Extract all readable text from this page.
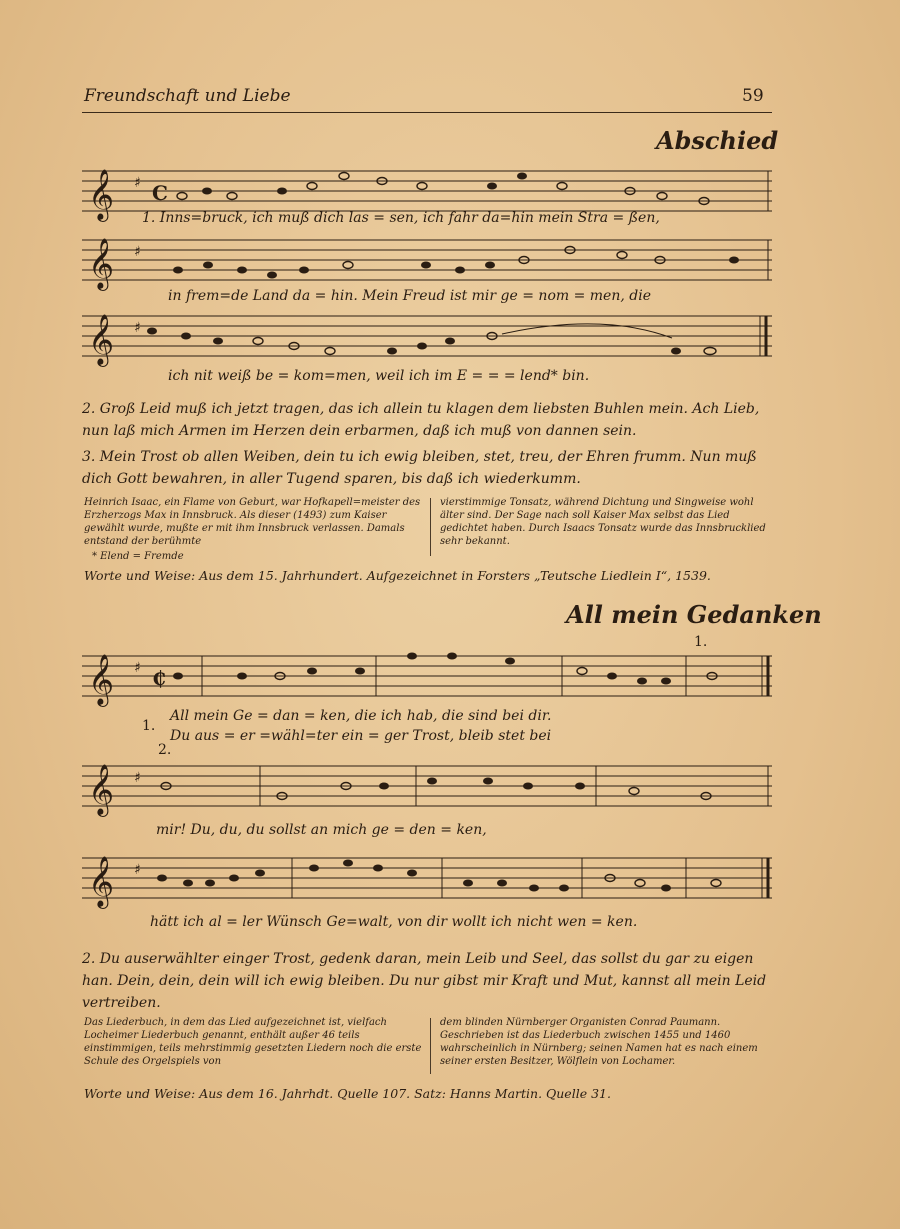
Freundschaft und Liebe	59
Abschied
𝄞 ♯ C
1. Inns=bruck, ich muß dich las = sen, ich fahr da=hin mein Stra = ßen,
𝄞 ♯
in frem=de Land da = hin. Mein Freud ist mir ge = nom = men, die
𝄞 ♯
ich nit weiß be = kom=men, weil ich im E = = = lend* bin.
2. Groß Leid muß ich jetzt tragen, das ich allein tu klagen dem liebsten Buhlen mein. Ach Lieb, nun laß mich Armen im Herzen dein erbarmen, daß ich muß von dannen sein.
3. Mein Trost ob allen Weiben, dein tu ich ewig bleiben, stet, treu, der Ehren frumm. Nun muß dich Gott bewahren, in aller Tugend sparen, bis daß ich wiederkumm.
Heinrich Isaac, ein Flame von Geburt, war Hofkapell=meister des Erzherzogs Max in Innsbruck. Als dieser (1493) zum Kaiser gewählt wurde, mußte er mit ihm Innsbruck verlassen. Damals entstand der berühmte
* Elend = Fremde
vierstimmige Tonsatz, während Dichtung und Singweise wohl älter sind. Der Sage nach soll Kaiser Max selbst das Lied gedichtet haben. Durch Isaacs Tonsatz wurde das Innsbrucklied sehr bekannt.
Worte und Weise: Aus dem 15. Jahrhundert. Aufgezeichnet in Forsters „Teutsche Liedlein I“, 1539.
All mein Gedanken
1.
𝄞 ♯ ₵
1.
All mein Ge = dan = ken, die ich hab, die sind bei dir.
Du aus = er =wähl=ter ein = ger Trost, bleib stet bei
2.
𝄞 ♯
mir! Du, du, du sollst an mich ge = den = ken,
𝄞 ♯
hätt ich al = ler Wünsch Ge=walt, von dir wollt ich nicht wen = ken.
2. Du auserwählter einger Trost, gedenk daran, mein Leib und Seel, das sollst du gar zu eigen han. Dein, dein, dein will ich ewig bleiben. Du nur gibst mir Kraft und Mut, kannst all mein Leid vertreiben.
Das Liederbuch, in dem das Lied aufgezeichnet ist, vielfach Locheimer Liederbuch genannt, enthält außer 46 teils einstimmigen, teils mehrstimmig gesetzten Liedern noch die erste Schule des Orgelspiels von
dem blinden Nürnberger Organisten Conrad Paumann. Geschrieben ist das Liederbuch zwischen 1455 und 1460 wahrscheinlich in Nürnberg; seinen Namen hat es nach einem seiner ersten Besitzer, Wölflein von Lochamer.
Worte und Weise: Aus dem 16. Jahrhdt. Quelle 107. Satz: Hanns Martin. Quelle 31.
